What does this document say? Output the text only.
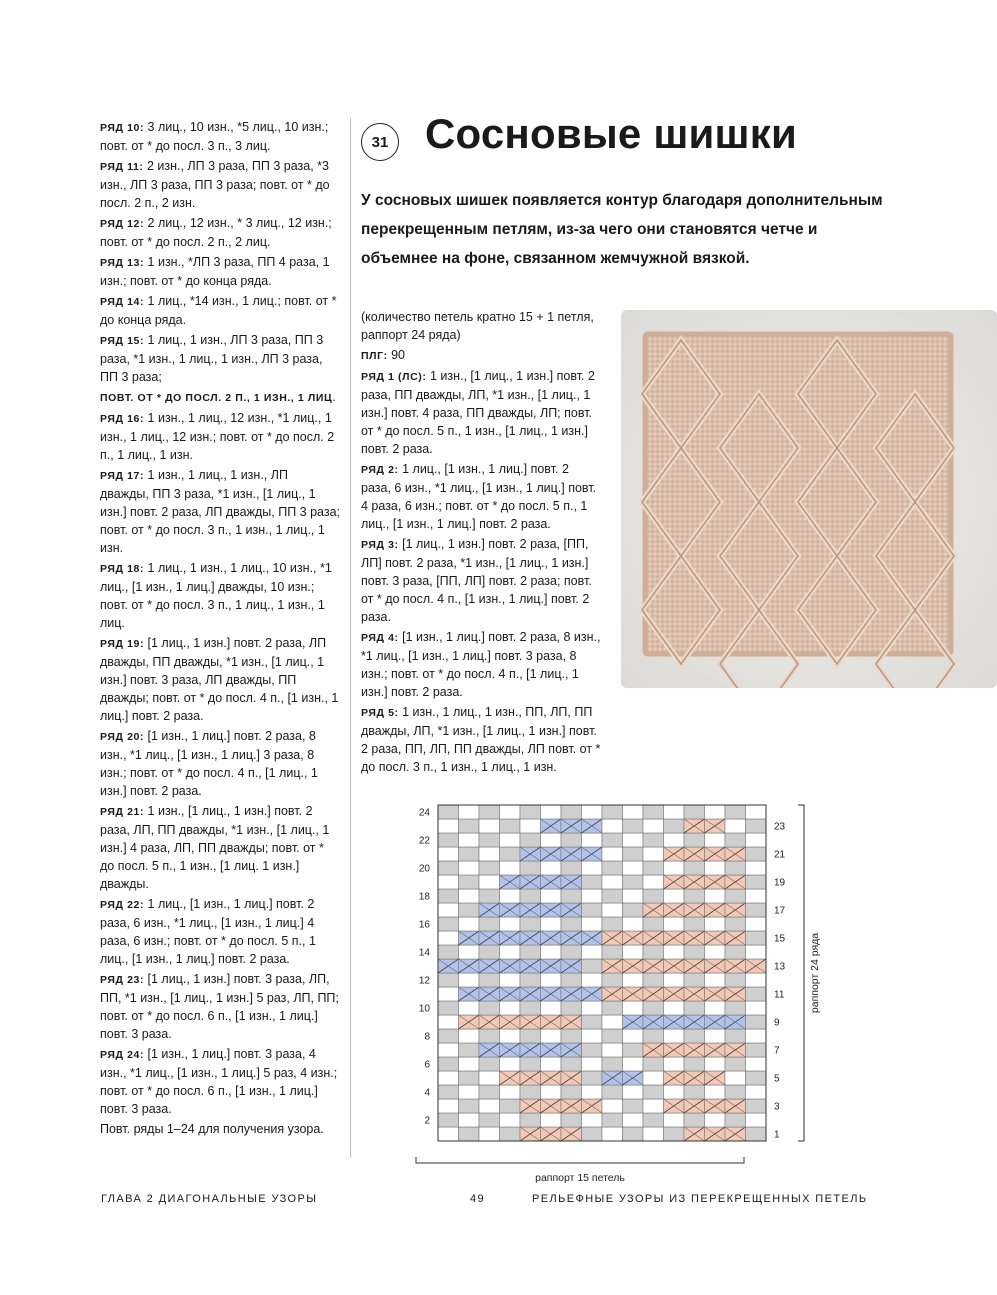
РЯД 10: 3 лиц., 10 изн., *5 лиц., 10 изн.; повт. от * до посл. 3 п., 3 лиц.

РЯД 11: 2 изн., ЛП 3 раза, ПП 3 раза, *3 изн., ЛП 3 раза, ПП 3 раза; повт. от * до посл. 2 п., 2 изн.

РЯД 12: 2 лиц., 12 изн., * 3 лиц., 12 изн.; повт. от * до посл. 2 п., 2 лиц.

РЯД 13: 1 изн., *ЛП 3 раза, ПП 4 раза, 1 изн.; повт. от * до конца ряда.

РЯД 14: 1 лиц., *14 изн., 1 лиц.; повт. от * до конца ряда.

РЯД 15: 1 лиц., 1 изн., ЛП 3 раза, ПП 3 раза, *1 изн., 1 лиц., 1 изн., ЛП 3 раза, ПП 3 раза;

ПОВТ. ОТ * ДО ПОСЛ. 2 П., 1 ИЗН., 1 ЛИЦ.

РЯД 16: 1 изн., 1 лиц., 12 изн., *1 лиц., 1 изн., 1 лиц., 12 изн.; повт. от * до посл. 2 п., 1 лиц., 1 изн.

РЯД 17: 1 изн., 1 лиц., 1 изн., ЛП дважды, ПП 3 раза, *1 изн., [1 лиц., 1 изн.] повт. 2 раза, ЛП дважды, ПП 3 раза; повт. от * до посл. 3 п., 1 изн., 1 лиц., 1 изн.

РЯД 18: 1 лиц., 1 изн., 1 лиц., 10 изн., *1 лиц., [1 изн., 1 лиц.] дважды, 10 изн.; повт. от * до посл. 3 п., 1 лиц., 1 изн., 1 лиц.

РЯД 19: [1 лиц., 1 изн.] повт. 2 раза, ЛП дважды, ПП дважды, *1 изн., [1 лиц., 1 изн.] повт. 3 раза, ЛП дважды, ПП дважды; повт. от * до посл. 4 п., [1 изн., 1 лиц.] повт. 2 раза.

РЯД 20: [1 изн., 1 лиц.] повт. 2 раза, 8 изн., *1 лиц., [1 изн., 1 лиц.] 3 раза, 8 изн.; повт. от * до посл. 4 п., [1 лиц., 1 изн.] повт. 2 раза.

РЯД 21: 1 изн., [1 лиц., 1 изн.] повт. 2 раза, ЛП, ПП дважды, *1 изн., [1 лиц., 1 изн.] 4 раза, ЛП, ПП дважды; повт. от * до посл. 5 п., 1 изн., [1 лиц. 1 изн.] дважды.

РЯД 22: 1 лиц., [1 изн., 1 лиц.] повт. 2 раза, 6 изн., *1 лиц., [1 изн., 1 лиц.] 4 раза, 6 изн.; повт. от * до посл. 5 п., 1 лиц., [1 изн., 1 лиц.] повт. 2 раза.

РЯД 23: [1 лиц., 1 изн.] повт. 3 раза, ЛП, ПП, *1 изн., [1 лиц., 1 изн.] 5 раз, ЛП, ПП; повт. от * до посл. 6 п., [1 изн., 1 лиц.] повт. 3 раза.

РЯД 24: [1 изн., 1 лиц.] повт. 3 раза, 4 изн., *1 лиц., [1 изн., 1 лиц.] 5 раз, 4 изн.; повт. от * до посл. 6 п., [1 изн., 1 лиц.] повт. 3 раза.

Повт. ряды 1–24 для получения узора.

31 Сосновые шишки

У сосновых шишек появляется контур благодаря дополнительным перекрещенным петлям, из-за чего они становятся четче и объемнее на фоне, связанном жемчужной вязкой.

(количество петель кратно 15 + 1 петля, раппорт 24 ряда)

ПЛГ: 90

РЯД 1 (ЛС): 1 изн., [1 лиц., 1 изн.] повт. 2 раза, ПП дважды, ЛП, *1 изн., [1 лиц., 1 изн.] повт. 4 раза, ПП дважды, ЛП; повт. от * до посл. 5 п., 1 изн., [1 лиц., 1 изн.] повт. 2 раза.

РЯД 2: 1 лиц., [1 изн., 1 лиц.] повт. 2 раза, 6 изн., *1 лиц., [1 изн., 1 лиц.] повт. 4 раза, 6 изн.; повт. от * до посл. 5 п., 1 лиц., [1 изн., 1 лиц.] повт. 2 раза.

РЯД 3: [1 лиц., 1 изн.] повт. 2 раза, [ПП, ЛП] повт. 2 раза, *1 изн., [1 лиц., 1 изн.] повт. 3 раза, [ПП, ЛП] повт. 2 раза; повт. от * до посл. 4 п., [1 изн., 1 лиц.] повт. 2 раза.

РЯД 4: [1 изн., 1 лиц.] повт. 2 раза, 8 изн., *1 лиц., [1 изн., 1 лиц.] повт. 3 раза, 8 изн.; повт. от * до посл. 4 п., [1 лиц., 1 изн.] повт. 2 раза.

РЯД 5: 1 изн., 1 лиц., 1 изн., ПП, ЛП, ПП дважды, ЛП, *1 изн., [1 лиц., 1 изн.] повт. 2 раза, ПП, ЛП, ПП дважды, ЛП повт. от * до посл. 3 п., 1 изн., 1 лиц., 1 изн.

24
22
20
18
16
14
12
10
8
6
4
2
23
21
19
17
15
13
11
9
7
5
3
1
раппорт 24 ряда
раппорт 15 петель
ГЛАВА 2 ДИАГОНАЛЬНЫЕ УЗОРЫ	49	РЕЛЬЕФНЫЕ УЗОРЫ ИЗ ПЕРЕКРЕЩЕННЫХ ПЕТЕЛЬ
